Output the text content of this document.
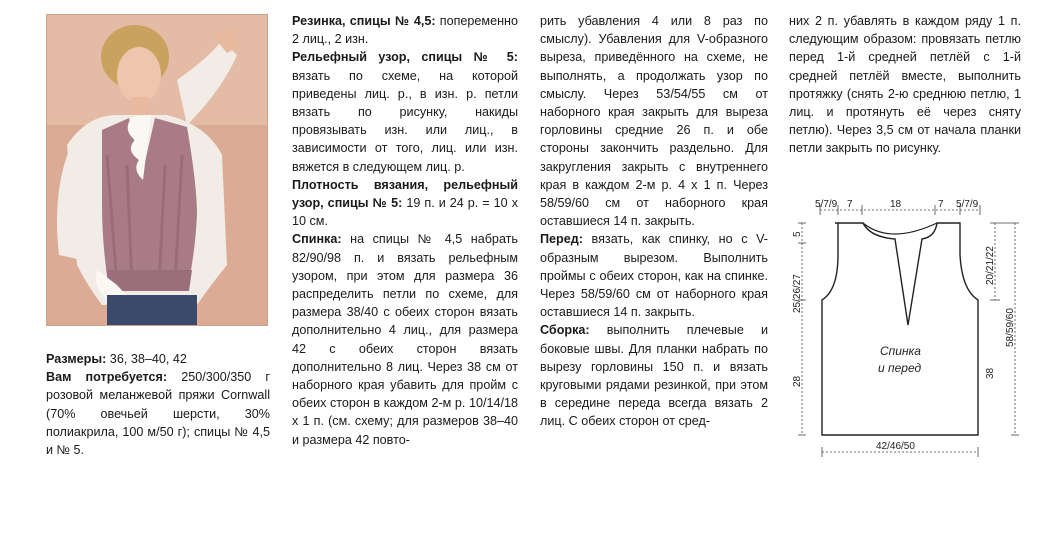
Размеры: 36, 38–40, 42

Вам потребуется: 250/300/350 г розовой меланжевой пряжи Cornwall (70% овечьей шерсти, 30% полиакрила, 100 м/50 г); спицы № 4,5 и № 5.

Резинка, спицы № 4,5: попеременно 2 лиц., 2 изн.

Рельефный узор, спицы № 5: вязать по схеме, на которой приведены лиц. р., в изн. р. петли вязать по рисунку, накиды провязывать изн. или лиц., в зависимости от того, лиц. или изн. вяжется в следующем лиц. р.

Плотность вязания, рельефный узор, спицы № 5: 19 п. и 24 р. = 10 х 10 см.

Спинка: на спицы № 4,5 набрать 82/90/98 п. и вязать рельефным узором, при этом для размера 36 распределить петли по схеме, для размера 38/40 с обеих сторон вязать дополнительно 4 лиц., для размера 42 с обеих сторон вязать дополнительно 8 лиц. Через 38 см от наборного края убавить для пройм с обеих сторон в каждом 2-м р. 10/14/18 х 1 п. (см. схему; для размеров 38–40 и размера 42 повто-

рить убавления 4 или 8 раз по смыслу). Убавления для V-образного выреза, приведённого на схеме, не выполнять, а продолжать узор по смыслу. Через 53/54/55 см от наборного края закрыть для выреза горловины средние 26 п. и обе стороны закончить раздельно. Для закругления закрыть с внутреннего края в каждом 2-м р. 4 х 1 п. Через 58/59/60 см от наборного края оставшиеся 14 п. закрыть.

Перед: вязать, как спинку, но с V-образным вырезом. Выполнить проймы с обеих сторон, как на спинке. Через 58/59/60 см от наборного края оставшиеся 14 п. закрыть.

Сборка: выполнить плечевые и боковые швы. Для планки набрать по вырезу горловины 150 п. и вязать круговыми рядами резинкой, при этом в середине переда всегда вязать 2 лиц. С обеих сторон от сред-

них 2 п. убавлять в каждом ряду 1 п. следующим образом: провязать петлю перед 1-й средней петлёй с 1-й средней петлёй вместе, выполнить протяжку (снять 2-ю среднюю петлю, 1 лиц. и протянуть её через сняту петлю). Через 3,5 см от начала планки петли закрыть по рисунку.

5/7/9 7	18	7 5/7/9
5
25/26/27
28
20/21/22
58/59/60
38
Спинка
и перед
42/46/50
